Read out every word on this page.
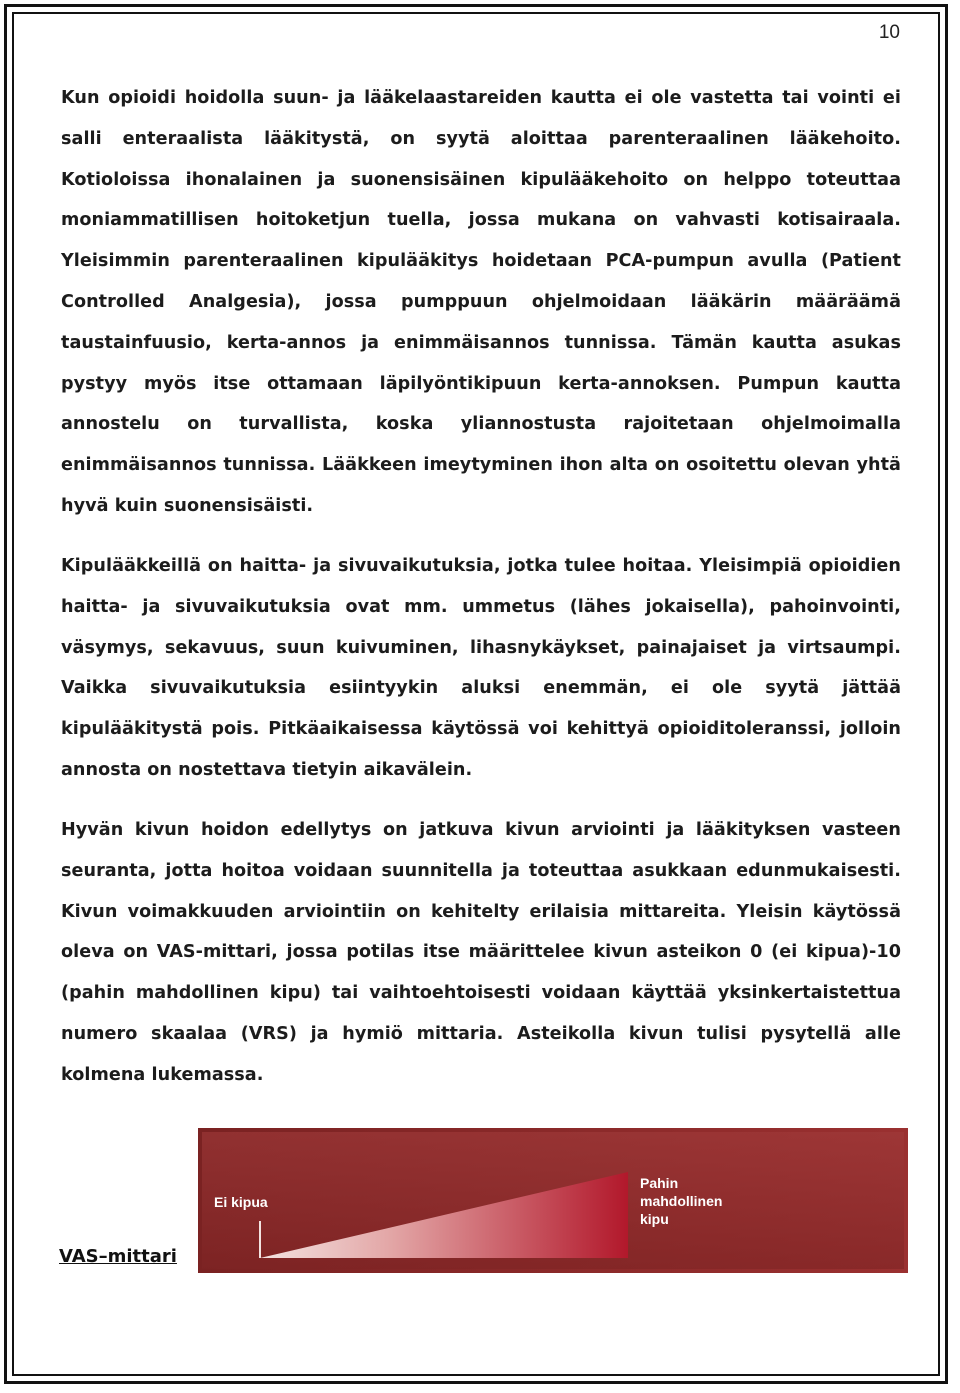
10

Kun opioidi hoidolla suun- ja lääkelaastareiden kautta ei ole vastetta tai vointi ei salli enteraalista lääkitystä, on syytä aloittaa parenteraalinen lääkehoito. Kotioloissa ihonalainen ja suonensisäinen kipulääkehoito on helppo toteuttaa moniammatillisen hoitoketjun tuella, jossa mukana on vahvasti kotisairaala. Yleisimmin parenteraalinen kipulääkitys hoidetaan PCA-pumpun avulla (Patient Controlled Analgesia), jossa pumppuun ohjelmoidaan lääkärin määräämä taustainfuusio, kerta-annos ja enimmäisannos tunnissa. Tämän kautta asukas pystyy myös itse ottamaan läpilyöntikipuun kerta-annoksen. Pumpun kautta annostelu on turvallista, koska yliannostusta rajoitetaan ohjelmoimalla enimmäisannos tunnissa. Lääkkeen imeytyminen ihon alta on osoitettu olevan yhtä hyvä kuin suonensisäisti.

Kipulääkkeillä on haitta- ja sivuvaikutuksia, jotka tulee hoitaa. Yleisimpiä opioidien haitta- ja sivuvaikutuksia ovat mm. ummetus (lähes jokaisella), pahoinvointi, väsymys, sekavuus, suun kuivuminen, lihasnykäykset, painajaiset ja virtsaumpi. Vaikka sivuvaikutuksia esiintyykin aluksi enemmän, ei ole syytä jättää kipulääkitystä pois. Pitkäaikaisessa käytössä voi kehittyä opioiditoleranssi, jolloin annosta on nostettava tietyin aikavälein.

Hyvän kivun hoidon edellytys on jatkuva kivun arviointi ja lääkityksen vasteen seuranta, jotta hoitoa voidaan suunnitella ja toteuttaa asukkaan edunmukaisesti. Kivun voimakkuuden arviointiin on kehitelty erilaisia mittareita. Yleisin käytössä oleva on VAS-mittari, jossa potilas itse määrittelee kivun asteikon 0 (ei kipua)-10 (pahin mahdollinen kipu) tai vaihtoehtoisesti voidaan käyttää yksinkertaistettua numero skaalaa (VRS) ja hymiö mittaria. Asteikolla kivun tulisi pysytellä alle kolmena lukemassa.

Ei kipua
Pahin
mahdollinen
kipu
VAS–mittari
